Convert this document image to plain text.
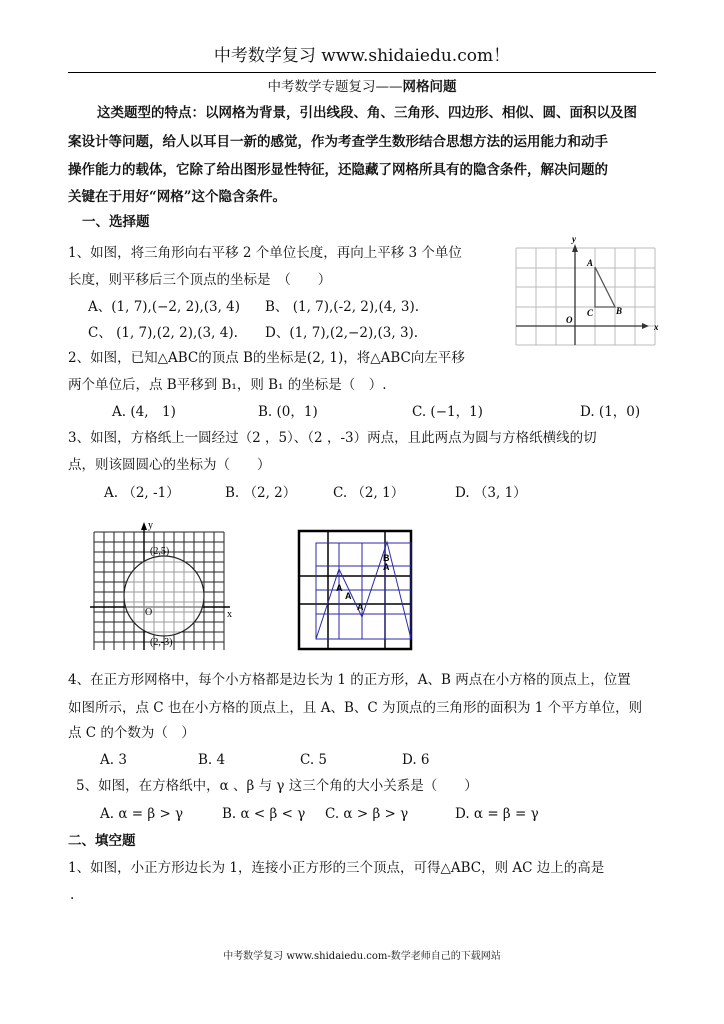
中考数学复习 www.shidaiedu.com！
中考数学专题复习——网格问题
这类题型的特点：以网格为背景，引出线段、角、三角形、四边形、相似、圆、面积以及图
案设计等问题，给人以耳目一新的感觉，作为考查学生数形结合思想方法的运用能力和动手
操作能力的载体，它除了给出图形显性特征，还隐藏了网格所具有的隐含条件，解决问题的
关键在于用好“网格”这个隐含条件。
一、选择题
1、如图，将三角形向右平移 2 个单位长度，再向上平移 3 个单位
长度，则平移后三个顶点的坐标是　（　　）
A、(1, 7),(−2, 2),(3, 4) B、 (1, 7),(-2, 2),(4, 3).
C、 (1, 7),(2, 2),(3, 4). D、(1, 7),(2,−2),(3, 3).
y
x
O
A
B
C
2、如图，已知△ABC的顶点 B的坐标是(2, 1)，将△ABC向左平移
两个单位后，点 B平移到 B₁，则 B₁ 的坐标是（　）.
A. (4,　1)	B. (0，1)	C. (−1，1)	D. (1，0)
3、如图，方格纸上一圆经过（2 ，5）、（2 ，-3）两点，且此两点为圆与方格纸横线的切
点，则该圆圆心的坐标为（　　）
A. （2, -1）	B. （2, 2）	C. （2, 1）	D. （3, 1）
y
x
O
(2,5)
(2,-3)
B
A
A
A
A
4、在正方形网格中，每个小方格都是边长为 1 的正方形，A、B 两点在小方格的顶点上，位置
如图所示，点 C 也在小方格的顶点上，且 A、B、C 为顶点的三角形的面积为 1 个平方单位，则
点 C 的个数为（　）
A. 3	B. 4	C. 5	D. 6
5、如图，在方格纸中，α 、β 与 γ 这三个角的大小关系是（　　）
A. α = β > γ	B. α < β < γ C. α > β > γ	D. α = β = γ
二、填空题
1、如图，小正方形边长为 1，连接小正方形的三个顶点，可得△ABC，则 AC 边上的高是
.
中考数学复习 www.shidaiedu.com-数学老师自己的下载网站
